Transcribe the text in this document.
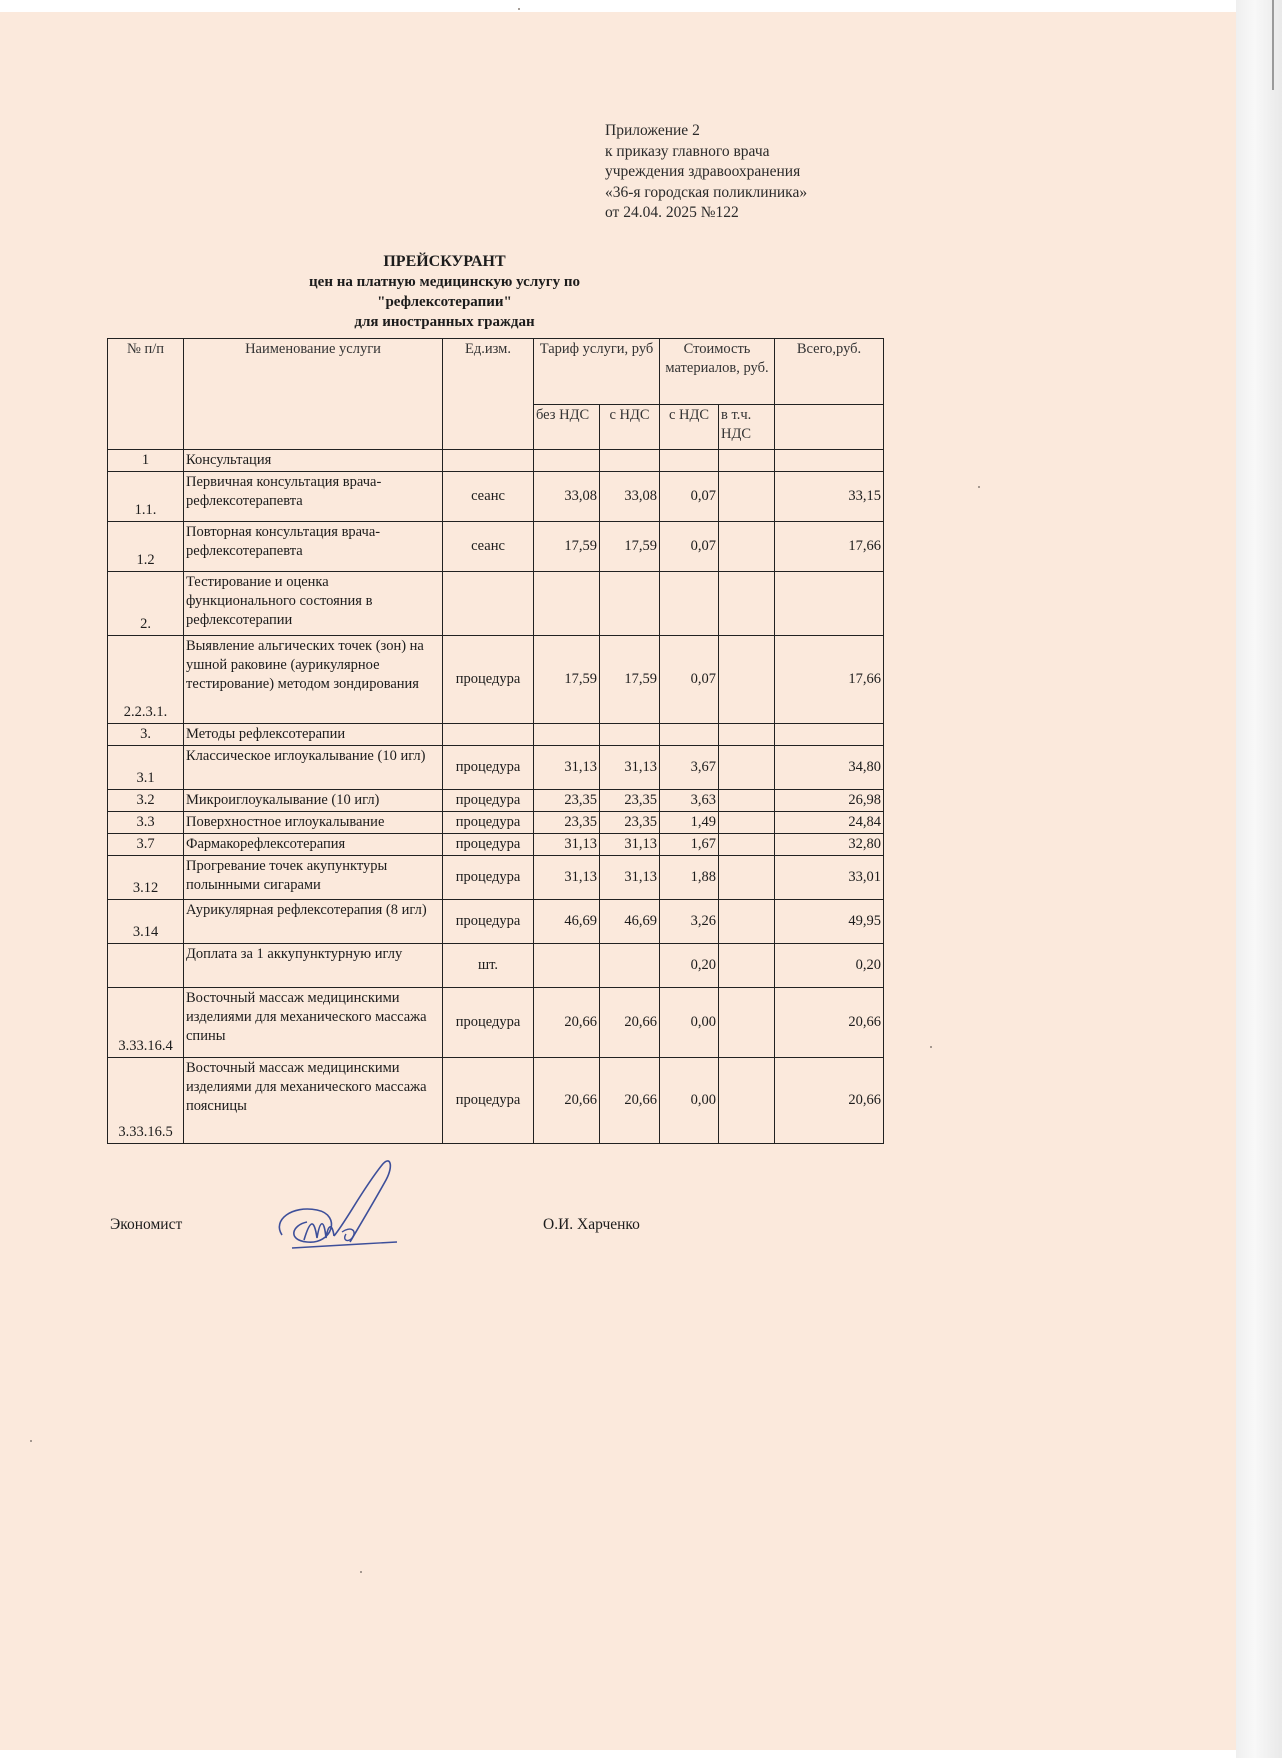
Приложение 2
к приказу главного врача
учреждения здравоохранения
«36-я городская поликлиника»
от 24.04. 2025 №122
ПРЕЙСКУРАНТ
цен на платную медицинскую услугу по
"рефлексотерапии"
для иностранных граждан
№ п/п	Наименование услуги	Ед.изм.	Тариф услуги, руб		Стоимость материалов, руб.		Всего,руб.
			без НДС	с НДС	с НДС	в т.ч. НДС	
1	Консультация						
1.1.	Первичная консультация врача-рефлексотерапевта	сеанс	33,08	33,08	0,07		33,15
1.2	Повторная консультация врача-рефлексотерапевта	сеанс	17,59	17,59	0,07		17,66
2.	Тестирование и оценка функционального состояния в рефлексотерапии						
2.2.3.1.	Выявление альгических точек (зон) на ушной раковине (аурикулярное тестирование) методом зондирования	процедура	17,59	17,59	0,07		17,66
3.	Методы рефлексотерапии						
3.1	Классическое иглоукалывание (10 игл)	процедура	31,13	31,13	3,67		34,80
3.2	Микроиглоукалывание (10 игл)	процедура	23,35	23,35	3,63		26,98
3.3	Поверхностное иглоукалывание	процедура	23,35	23,35	1,49		24,84
3.7	Фармакорефлексотерапия	процедура	31,13	31,13	1,67		32,80
3.12	Прогревание точек акупунктуры полынными сигарами	процедура	31,13	31,13	1,88		33,01
3.14	Аурикулярная рефлексотерапия (8 игл)	процедура	46,69	46,69	3,26		49,95
	Доплата за 1 аккупунктурную иглу	шт.			0,20		0,20
3.33.16.4	Восточный массаж медицинскими изделиями для механического массажа спины	процедура	20,66	20,66	0,00		20,66
3.33.16.5	Восточный массаж медицинскими изделиями для механического массажа поясницы	процедура	20,66	20,66	0,00		20,66
Экономист	О.И. Харченко
